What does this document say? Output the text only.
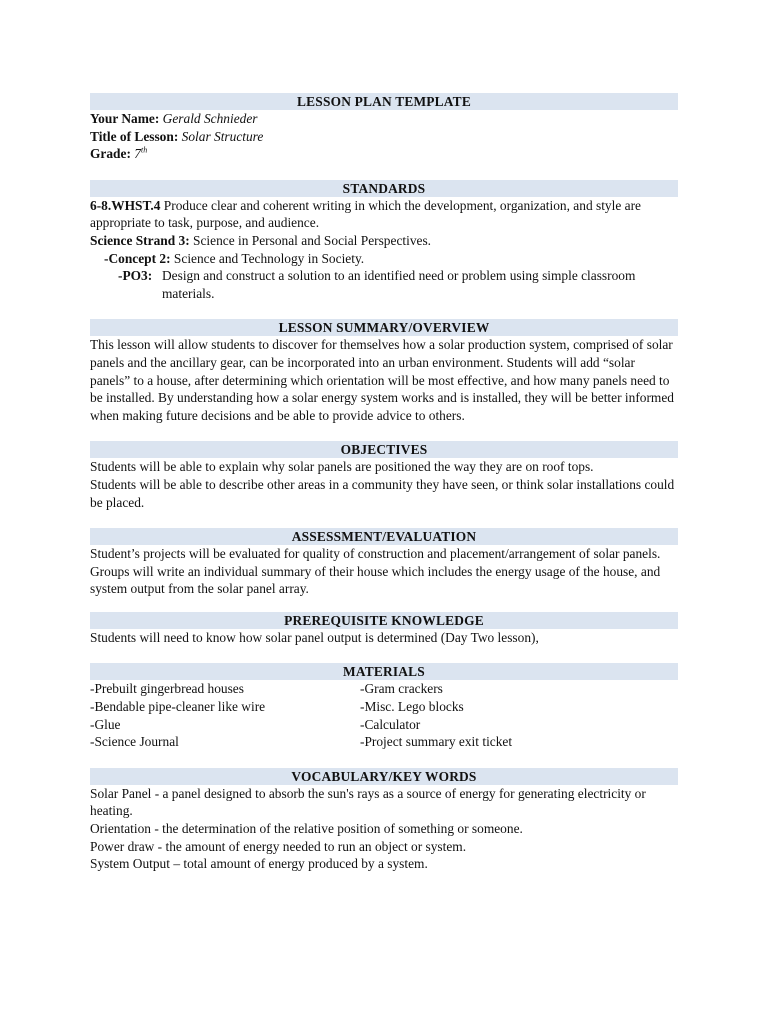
LESSON PLAN TEMPLATE

Your Name: Gerald Schnieder

Title of Lesson: Solar Structure

Grade: 7th

STANDARDS

6-8.WHST.4 Produce clear and coherent writing in which the development, organization, and style are appropriate to task, purpose, and audience.

Science Strand 3: Science in Personal and Social Perspectives.

-Concept 2: Science and Technology in Society.

-PO3: Design and construct a solution to an identified need or problem using simple classroom materials.
LESSON SUMMARY/OVERVIEW

This lesson will allow students to discover for themselves how a solar production system, comprised of solar panels and the ancillary gear, can be incorporated into an urban environment. Students will add “solar panels” to a house, after determining which orientation will be most effective, and how many panels need to be installed. By understanding how a solar energy system works and is installed, they will be better informed when making future decisions and be able to provide advice to others.

OBJECTIVES

Students will be able to explain why solar panels are positioned the way they are on roof tops.

Students will be able to describe other areas in a community they have seen, or think solar installations could be placed.

ASSESSMENT/EVALUATION

Student’s projects will be evaluated for quality of construction and placement/arrangement of solar panels. Groups will write an individual summary of their house which includes the energy usage of the house, and system output from the solar panel array.

PREREQUISITE KNOWLEDGE

Students will need to know how solar panel output is determined (Day Two lesson),

MATERIALS

-Prebuilt gingerbread houses

-Bendable pipe-cleaner like wire

-Glue

-Science Journal

-Gram crackers

-Misc. Lego blocks

-Calculator

-Project summary exit ticket

VOCABULARY/KEY WORDS

Solar Panel - a panel designed to absorb the sun's rays as a source of energy for generating electricity or heating.

Orientation - the determination of the relative position of something or someone.

Power draw - the amount of energy needed to run an object or system.

System Output – total amount of energy produced by a system.
